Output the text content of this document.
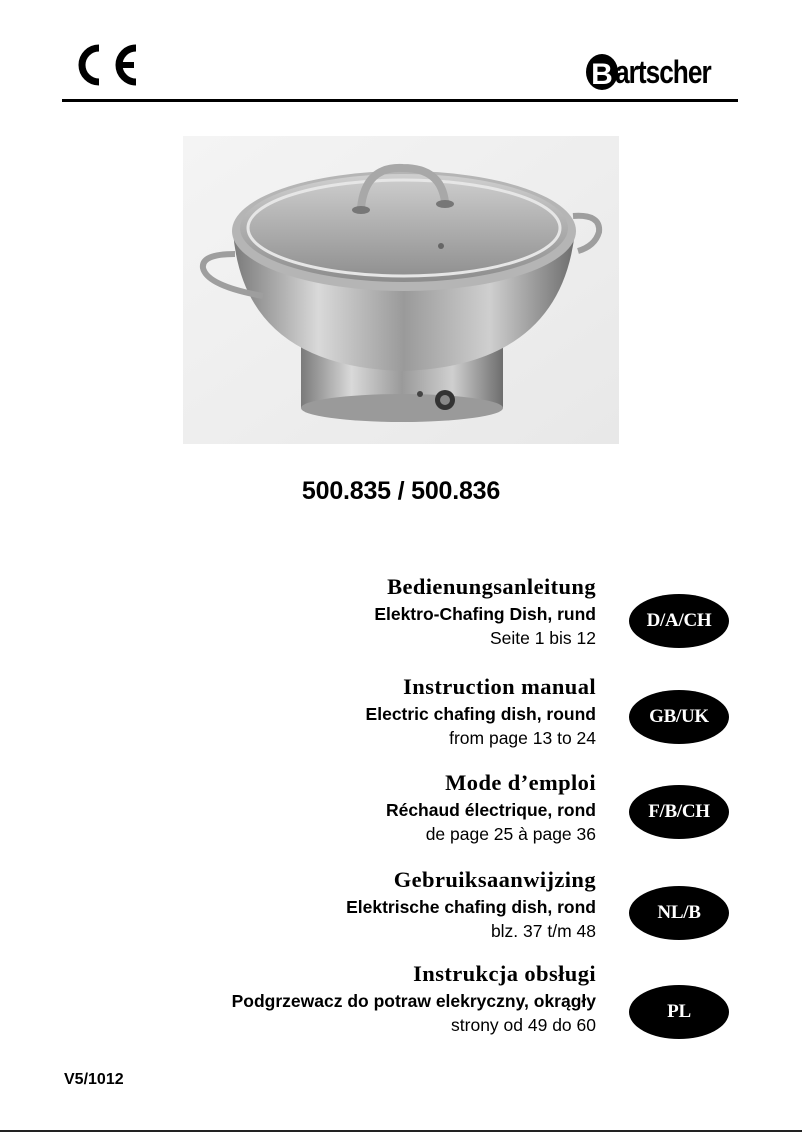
B artscher
500.835 / 500.836
Bedienungsanleitung
Elektro-Chafing Dish, rund
Seite 1 bis 12
D/A/CH
Instruction manual
Electric chafing dish, round
from page 13 to 24
GB/UK
Mode d’emploi
Réchaud électrique, rond
de page 25 à page 36
F/B/CH
Gebruiksaanwijzing
Elektrische chafing dish, rond
blz. 37 t/m 48
NL/B
Instrukcja obsługi
Podgrzewacz do potraw elekryczny, okrągły
strony od 49 do 60
PL
V5/1012
